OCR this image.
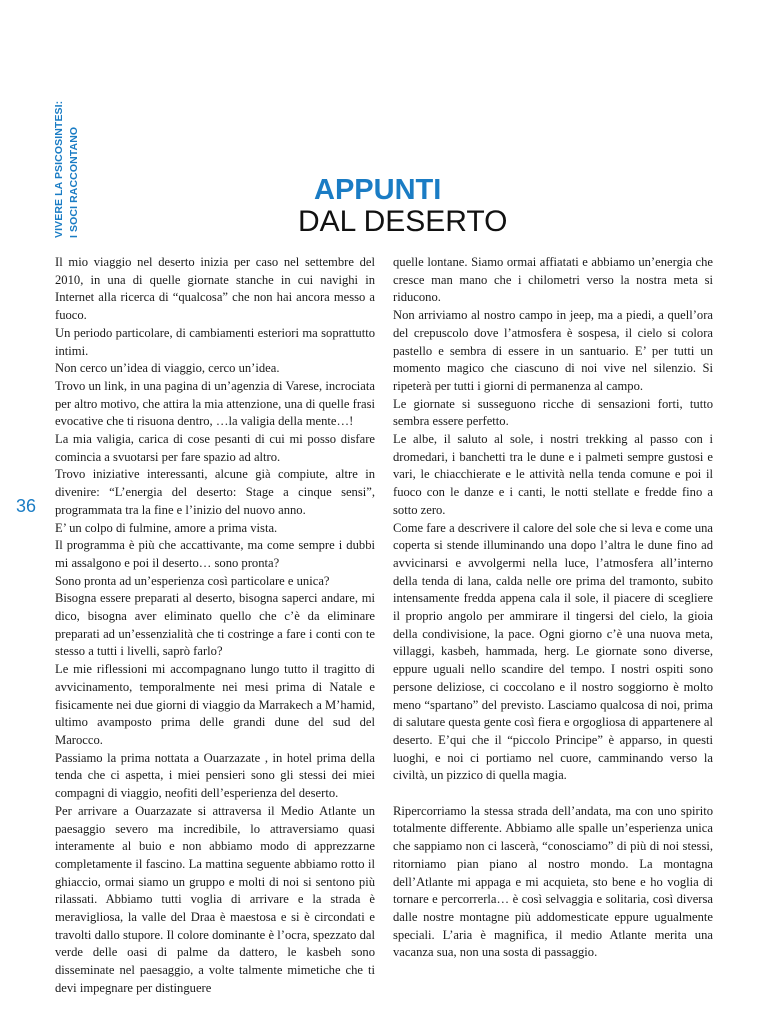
VIVERE LA PSICOSINTESI: I SOCI RACCONTANO
36
APPUNTI
DAL DESERTO

Il mio viaggio nel deserto inizia per caso nel settembre del 2010, in una di quelle giornate stanche in cui navighi in Internet alla ricerca di “qualcosa” che non hai ancora messo a fuoco.

Un periodo particolare, di cambiamenti esteriori ma soprattutto intimi.

Non cerco un’idea di viaggio, cerco un’idea.

Trovo un link, in una pagina di un’agenzia di Varese, incrociata per altro motivo, che attira la mia attenzione, una di quelle frasi evocative che ti risuona dentro, …la valigia della mente…!

La mia valigia, carica di cose pesanti di cui mi posso disfare comincia a svuotarsi per fare spazio ad altro.

Trovo iniziative interessanti, alcune già compiute, altre in divenire: “L’energia del deserto: Stage a cinque sensi”, programmata tra la fine e l’inizio del nuovo anno.

E’ un colpo di fulmine, amore a prima vista.

Il programma è più che accattivante, ma come sempre i dubbi mi assalgono e poi il deserto… sono pronta?

Sono pronta ad un’esperienza così particolare e unica?

Bisogna essere preparati al deserto, bisogna saperci andare, mi dico, bisogna aver eliminato quello che c’è da eliminare preparati ad un’essenzialità che ti costringe a fare i conti con te stesso a tutti i livelli, saprò farlo?

Le mie riflessioni mi accompagnano lungo tutto il tragitto di avvicinamento, temporalmente nei mesi prima di Natale e fisicamente nei due giorni di viaggio da Marrakech a M’hamid, ultimo avamposto prima delle grandi dune del sud del Marocco.

Passiamo la prima nottata a Ouarzazate , in hotel prima della tenda che ci aspetta, i miei pensieri sono gli stessi dei miei compagni di viaggio, neofiti dell’esperienza del deserto.

Per arrivare a Ouarzazate si attraversa il Medio Atlante un paesaggio severo ma incredibile, lo attraversiamo quasi interamente al buio e non abbiamo modo di apprezzarne completamente il fascino. La mattina seguente abbiamo rotto il ghiaccio, ormai siamo un gruppo e molti di noi si sentono più rilassati. Abbiamo tutti voglia di arrivare e la strada è meravigliosa, la valle del Draa è maestosa e si è circondati e travolti dallo stupore. Il colore dominante è l’ocra, spezzato dal verde delle oasi di palme da dattero, le kasbeh sono disseminate nel paesaggio, a volte talmente mimetiche che ti devi impegnare per distinguere

quelle lontane. Siamo ormai affiatati e abbiamo un’energia che cresce man mano che i chilometri verso la nostra meta si riducono.

Non arriviamo al nostro campo in jeep, ma a piedi, a quell’ora del crepuscolo dove l’atmosfera è sospesa, il cielo si colora pastello e sembra di essere in un santuario. E’ per tutti un momento magico che ciascuno di noi vive nel silenzio. Si ripeterà per tutti i giorni di permanenza al campo.

Le giornate si susseguono ricche di sensazioni forti, tutto sembra essere perfetto.

Le albe, il saluto al sole, i nostri trekking al passo con i dromedari, i banchetti tra le dune e i palmeti sempre gustosi e vari, le chiacchierate e le attività nella tenda comune e poi il fuoco con le danze e i canti, le notti stellate e fredde fino a sotto zero.

Come fare a descrivere il calore del sole che si leva e come una coperta si stende illuminando una dopo l’altra le dune fino ad avvicinarsi e avvolgermi nella luce, l’atmosfera all’interno della tenda di lana, calda nelle ore prima del tramonto, subito intensamente fredda appena cala il sole, il piacere di scegliere il proprio angolo per ammirare il tingersi del cielo, la gioia della condivisione, la pace. Ogni giorno c’è una nuova meta, villaggi, kasbeh, hammada, herg. Le giornate sono diverse, eppure uguali nello scandire del tempo. I nostri ospiti sono persone deliziose, ci coccolano e il nostro soggiorno è molto meno “spartano” del previsto. Lasciamo qualcosa di noi, prima di salutare questa gente così fiera e orgogliosa di appartenere al deserto. E’qui che il “piccolo Principe” è apparso, in questi luoghi, e noi ci portiamo nel cuore, camminando verso la civiltà, un pizzico di quella magia.

Ripercorriamo la stessa strada dell’andata, ma con uno spirito totalmente differente. Abbiamo alle spalle un’esperienza unica che sappiamo non ci lascerà, “conosciamo” di più di noi stessi, ritorniamo pian piano al nostro mondo. La montagna dell’Atlante mi appaga e mi acquieta, sto bene e ho voglia di tornare e percorrerla… è così selvaggia e solitaria, così diversa dalle nostre montagne più addomesticate eppure ugualmente speciali. L’aria è magnifica, il medio Atlante merita una vacanza sua, non una sosta di passaggio.
